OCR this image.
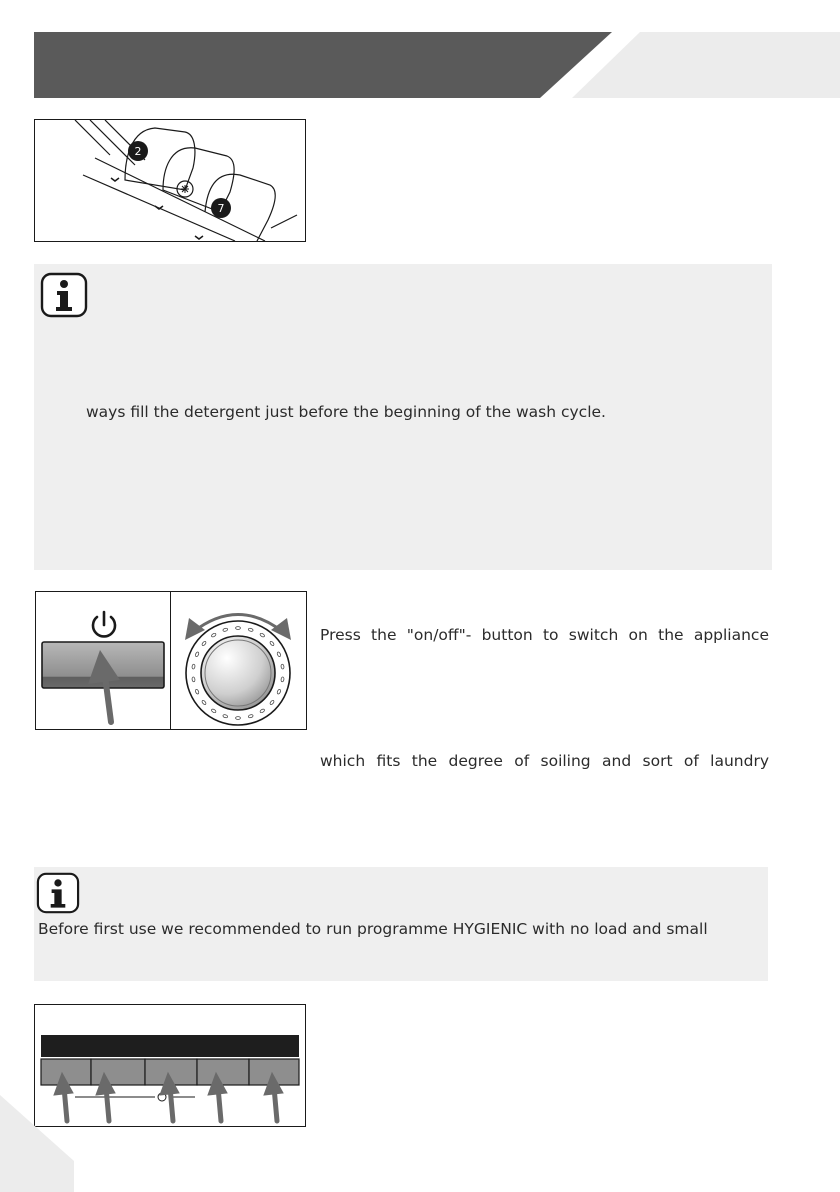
2
7
ways fill the detergent just before the beginning of the wash cycle.
Press the "on/off"- button to switch on the appliance
which fits the degree of soiling and sort of laundry
Before first use we recommended to run programme HYGIENIC with no load and small
